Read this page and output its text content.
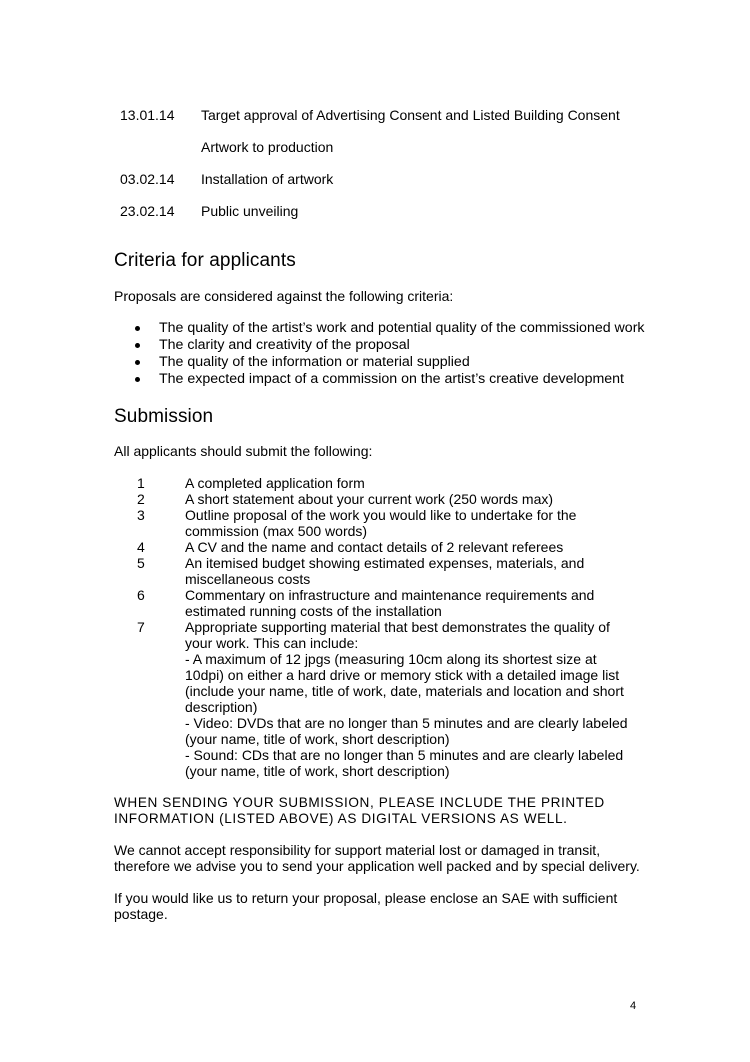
13.01.14	Target approval of Advertising Consent and Listed Building Consent
Artwork to production
03.02.14	Installation of artwork
23.02.14	Public unveiling
Criteria for applicants

Proposals are considered against the following criteria:

The quality of the artist’s work and potential quality of the commissioned work
The clarity and creativity of the proposal
The quality of the information or material supplied
The expected impact of a commission on the artist’s creative development
Submission

All applicants should submit the following:

1	A completed application form
2	A short statement about your current work (250 words max)
3	Outline proposal of the work you would like to undertake for the
commission (max 500 words)
4	A CV and the name and contact details of 2 relevant referees
5	An itemised budget showing estimated expenses, materials, and
miscellaneous costs
6	Commentary on infrastructure and maintenance requirements and
estimated running costs of the installation
7	Appropriate supporting material that best demonstrates the quality of
your work. This can include:
- A maximum of 12 jpgs (measuring 10cm along its shortest size at
10dpi) on either a hard drive or memory stick with a detailed image list
(include your name, title of work, date, materials and location and short
description)
- Video: DVDs that are no longer than 5 minutes and are clearly labeled
(your name, title of work, short description)
- Sound: CDs that are no longer than 5 minutes and are clearly labeled
(your name, title of work, short description)
WHEN SENDING YOUR SUBMISSION, PLEASE INCLUDE THE PRINTED
INFORMATION (LISTED ABOVE) AS DIGITAL VERSIONS AS WELL.
We cannot accept responsibility for support material lost or damaged in transit,
therefore we advise you to send your application well packed and by special delivery.
If you would like us to return your proposal, please enclose an SAE with sufficient
postage.
4
